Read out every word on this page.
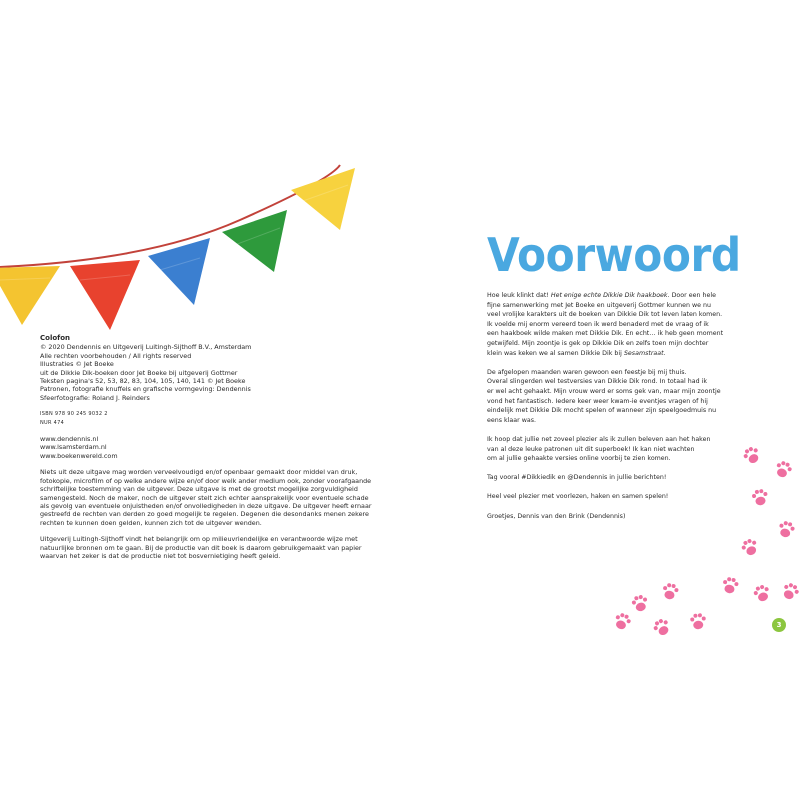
Colofon
© 2020 Dendennis en Uitgeverij Luitingh-Sijthoff B.V., Amsterdam
Alle rechten voorbehouden / All rights reserved
Illustraties © Jet Boeke
uit de Dikkie Dik-boeken door Jet Boeke bij uitgeverij Gottmer
Teksten pagina's 52, 53, 82, 83, 104, 105, 140, 141 © Jet Boeke
Patronen, fotografie knuffels en grafische vormgeving: Dendennis
Sfeerfotografie: Roland J. Reinders
ISBN 978 90 245 9032 2
NUR 474
www.dendennis.nl
www.lsamsterdam.nl
www.boekenwereld.com
Niets uit deze uitgave mag worden verveelvoudigd en/of openbaar gemaakt door middel van druk,
fotokopie, microfilm of op welke andere wijze en/of door welk ander medium ook, zonder voorafgaande
schriftelijke toestemming van de uitgever. Deze uitgave is met de grootst mogelijke zorgvuldigheid
samengesteld. Noch de maker, noch de uitgever stelt zich echter aansprakelijk voor eventuele schade
als gevolg van eventuele onjuistheden en/of onvolledigheden in deze uitgave. De uitgever heeft ernaar
gestreefd de rechten van derden zo goed mogelijk te regelen. Degenen die desondanks menen zekere
rechten te kunnen doen gelden, kunnen zich tot de uitgever wenden.
Uitgeverij Luitingh-Sijthoff vindt het belangrijk om op milieuvriendelijke en verantwoorde wijze met
natuurlijke bronnen om te gaan. Bij de productie van dit boek is daarom gebruikgemaakt van papier
waarvan het zeker is dat de productie niet tot bosvernietiging heeft geleid.
Voorwoord

Hoe leuk klinkt dat! Het enige echte Dikkie Dik haakboek. Door een hele
fijne samenwerking met Jet Boeke en uitgeverij Gottmer kunnen we nu
veel vrolijke karakters uit de boeken van Dikkie Dik tot leven laten komen.
Ik voelde mij enorm vereerd toen ik werd benaderd met de vraag of ik
een haakboek wilde maken met Dikkie Dik. En echt… ik heb geen moment
getwijfeld. Mijn zoontje is gek op Dikkie Dik en zelfs toen mijn dochter
klein was keken we al samen Dikkie Dik bij Sesamstraat.

De afgelopen maanden waren gewoon een feestje bij mij thuis.
Overal slingerden wel testversies van Dikkie Dik rond. In totaal had ik
er wel acht gehaakt. Mijn vrouw werd er soms gek van, maar mijn zoontje
vond het fantastisch. Iedere keer weer kwam-ie eventjes vragen of hij
eindelijk met Dikkie Dik mocht spelen of wanneer zijn speelgoedmuis nu
eens klaar was.

Ik hoop dat jullie net zoveel plezier als ik zullen beleven aan het haken
van al deze leuke patronen uit dit superboek! Ik kan niet wachten
om al jullie gehaakte versies online voorbij te zien komen.

Tag vooral #Dikkiedik en @Dendennis in jullie berichten!

Heel veel plezier met voorlezen, haken en samen spelen!

Groetjes, Dennis van den Brink (Dendennis)

3
